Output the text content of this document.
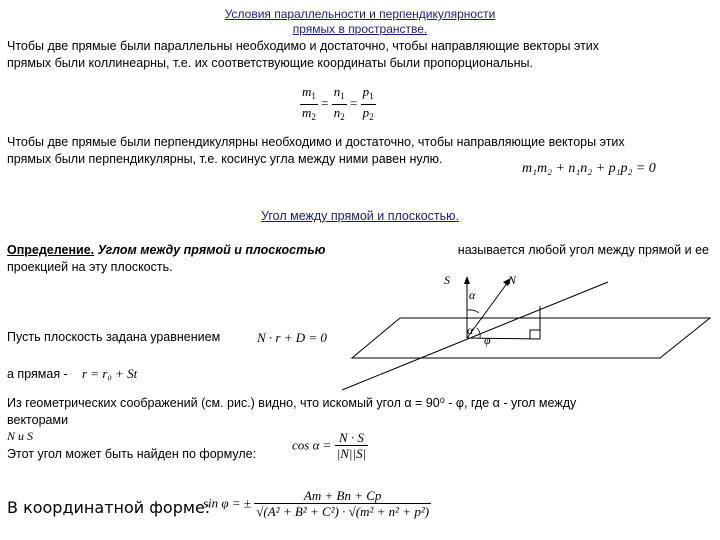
Условия параллельности и перпендикулярности
прямых в пространстве.
Чтобы две прямые были параллельны необходимо и достаточно, чтобы направляющие векторы этих
прямых были коллинеарны, т.е. их соответствующие координаты были пропорциональны.
$\frac{m_1}{m_2} = \frac{n_1}{n_2} = \frac{p_1}{p_2}$
Чтобы две прямые были перпендикулярны необходимо и достаточно, чтобы направляющие векторы этих
прямых были перпендикулярны, т.е. косинус угла между ними равен нулю.
m₁m₂ + n₁n₂ + p₁p₂ = 0
Угол между прямой и плоскостью.
Определение. Углом между прямой и плоскостью	называется любой угол между прямой и ее
проекцией на эту плоскость.
Пусть плоскость задана уравнением	N · r + D = 0
а прямая - r = r₀ + St
Из геометрических соображений (см. рис.) видно, что искомый угол α = 90⁰ - φ, где α - угол между
векторами
N и S
Этот угол может быть найден по формуле:
$\cos \alpha = \frac{N \cdot S}{|N||S|}$
В координатной форме:
sin φ = ± $\frac{Am + Bn + Cp}{\text{√(A² + B² + C²) · √(m² + n² + p²)}}$
S	N
α
α
φ
